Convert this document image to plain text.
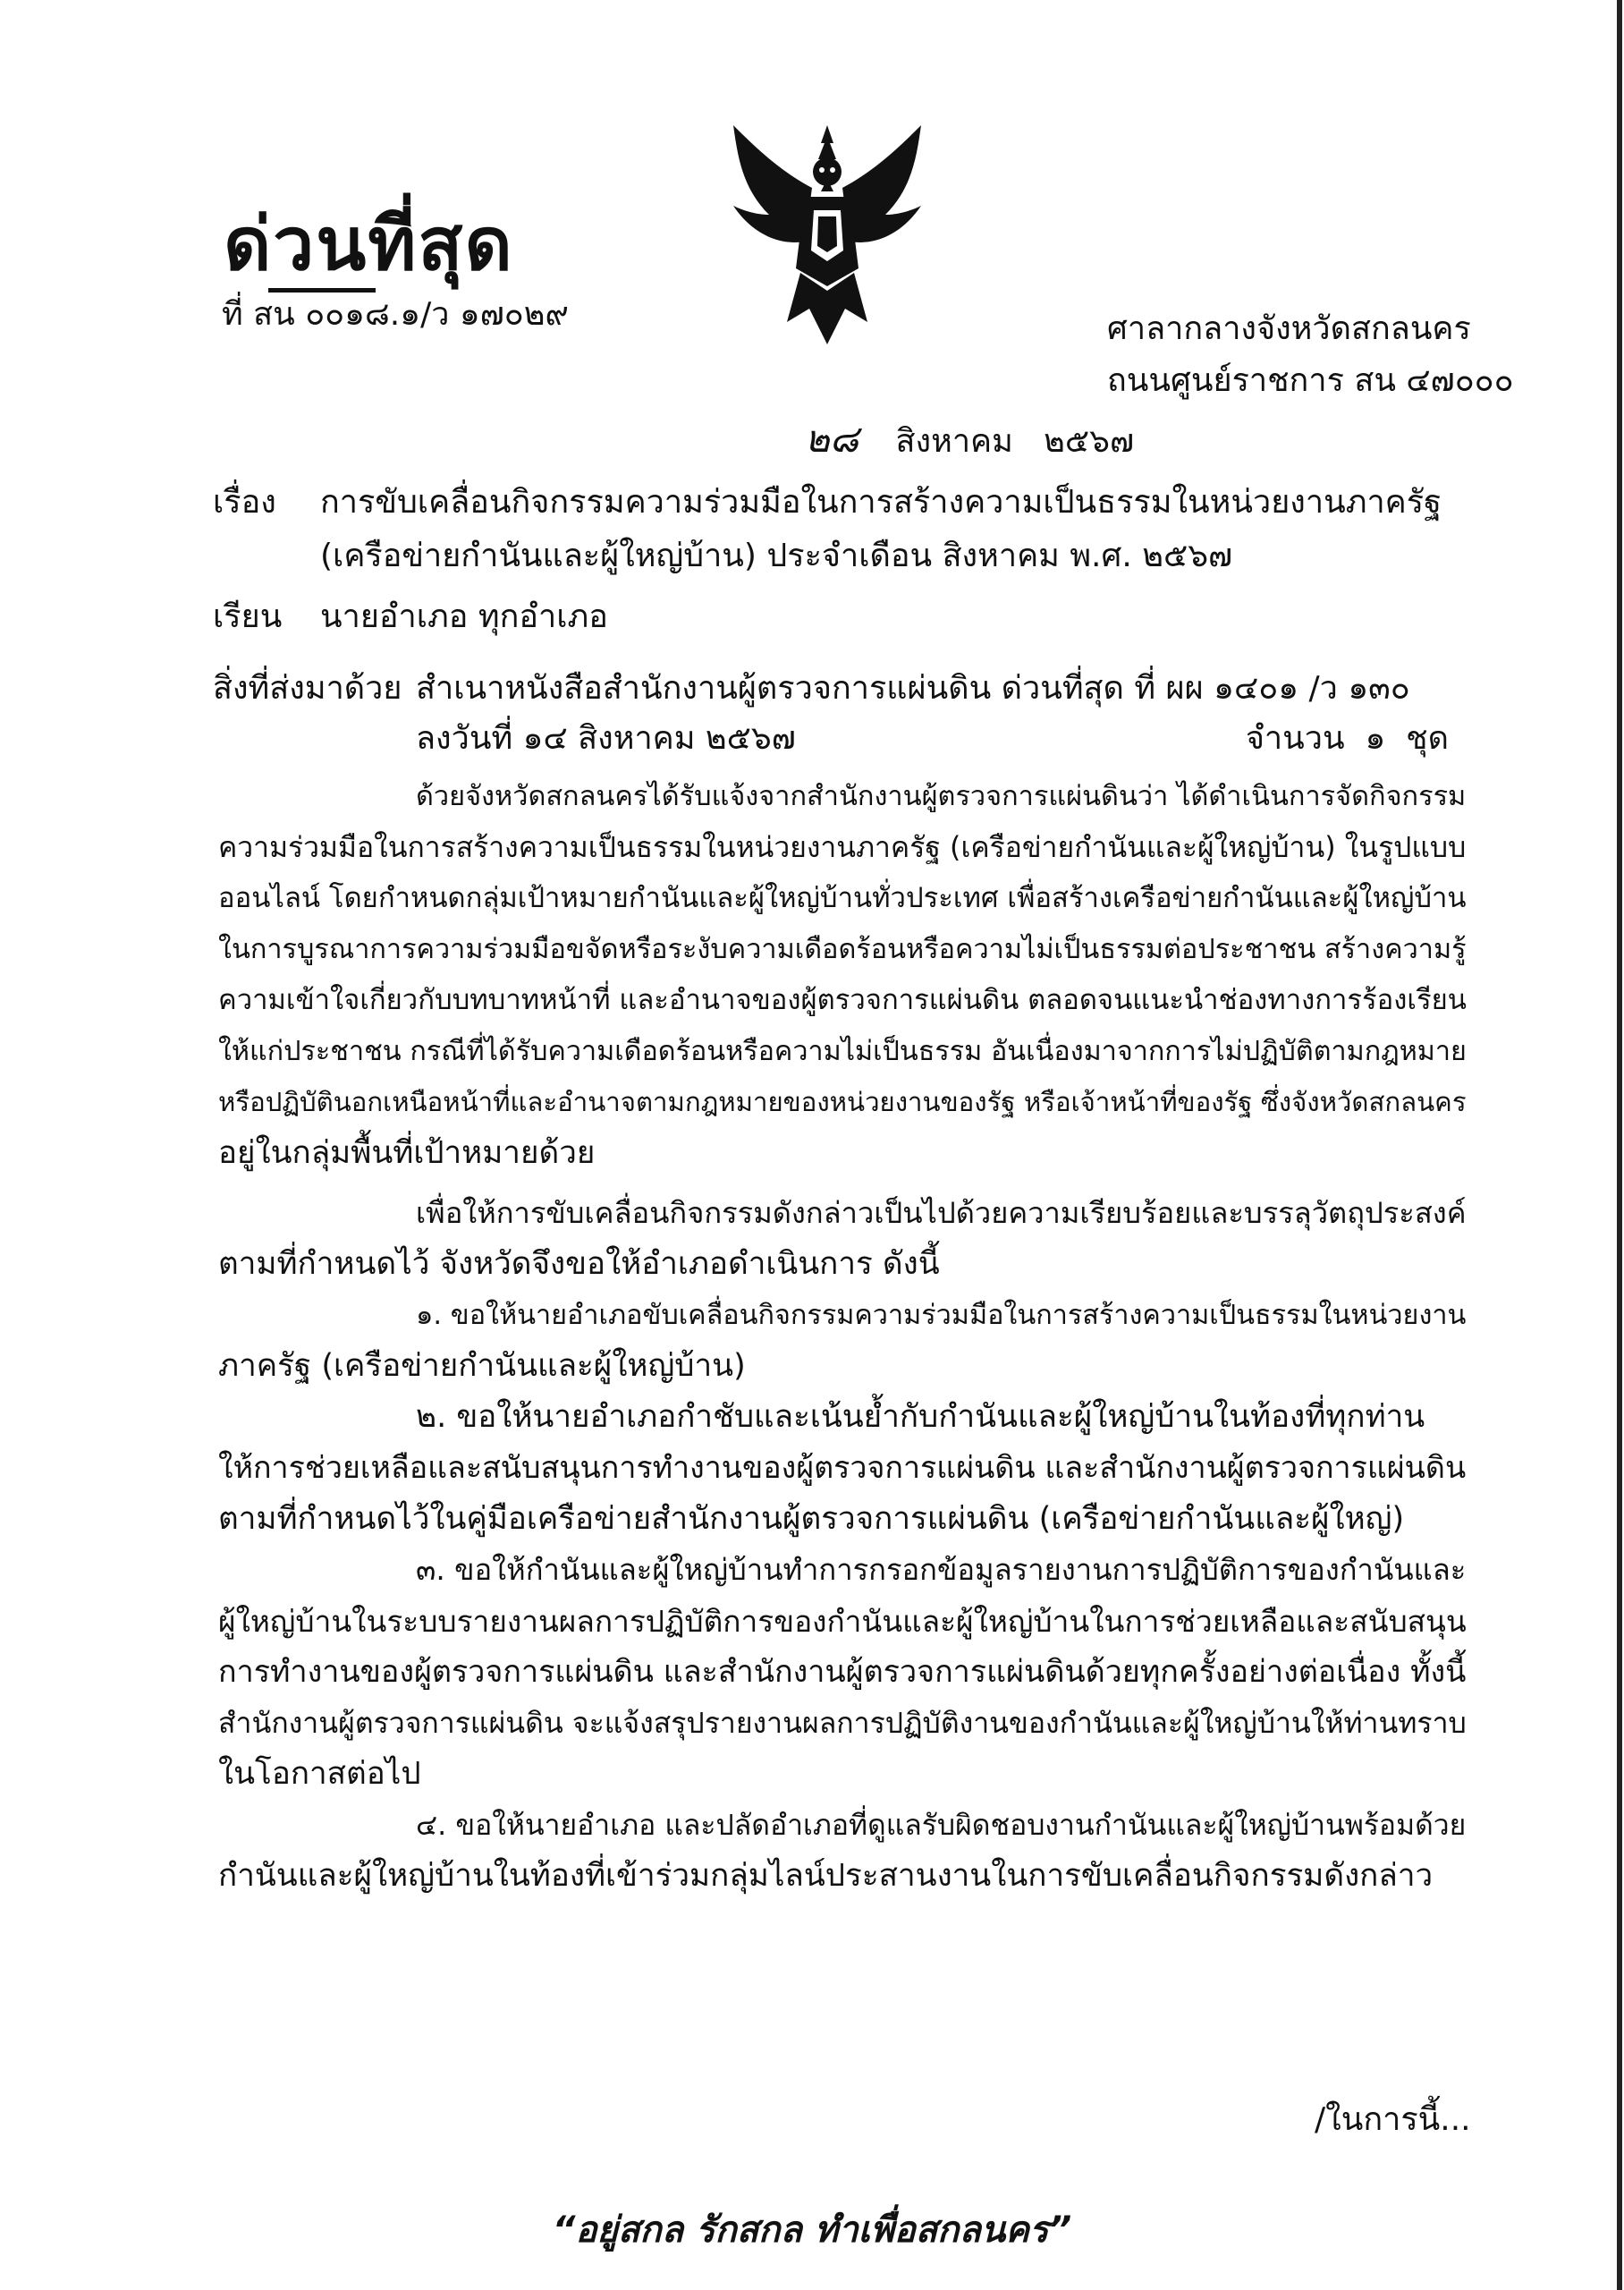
ด่วนที่สุด
ที่ สน ๐๐๑๘.๑/ว ๑๗๐๒๙	ศาลากลางจังหวัดสกลนคร
ถนนศูนย์ราชการ สน ๔๗๐๐๐
๒๘ สิงหาคม   ๒๕๖๗
เรื่อง การขับเคลื่อนกิจกรรมความร่วมมือในการสร้างความเป็นธรรมในหน่วยงานภาครัฐ
(เครือข่ายกำนันและผู้ใหญ่บ้าน) ประจำเดือน สิงหาคม พ.ศ. ๒๕๖๗
เรียน นายอำเภอ ทุกอำเภอ
สิ่งที่ส่งมาด้วย สำเนาหนังสือสำนักงานผู้ตรวจการแผ่นดิน ด่วนที่สุด ที่ ผผ ๑๔๐๑ /ว ๑๓๐
ลงวันที่ ๑๔ สิงหาคม ๒๕๖๗	จำนวน  ๑  ชุด
ด้วยจังหวัดสกลนครได้รับแจ้งจากสำนักงานผู้ตรวจการแผ่นดินว่า ได้ดำเนินการจัดกิจกรรม
ความร่วมมือในการสร้างความเป็นธรรมในหน่วยงานภาครัฐ (เครือข่ายกำนันและผู้ใหญ่บ้าน) ในรูปแบบ
ออนไลน์ โดยกำหนดกลุ่มเป้าหมายกำนันและผู้ใหญ่บ้านทั่วประเทศ เพื่อสร้างเครือข่ายกำนันและผู้ใหญ่บ้าน
ในการบูรณาการความร่วมมือขจัดหรือระงับความเดือดร้อนหรือความไม่เป็นธรรมต่อประชาชน สร้างความรู้
ความเข้าใจเกี่ยวกับบทบาทหน้าที่ และอำนาจของผู้ตรวจการแผ่นดิน ตลอดจนแนะนำช่องทางการร้องเรียน
ให้แก่ประชาชน กรณีที่ได้รับความเดือดร้อนหรือความไม่เป็นธรรม อันเนื่องมาจากการไม่ปฏิบัติตามกฎหมาย
หรือปฏิบัตินอกเหนือหน้าที่และอำนาจตามกฎหมายของหน่วยงานของรัฐ หรือเจ้าหน้าที่ของรัฐ ซึ่งจังหวัดสกลนคร
อยู่ในกลุ่มพื้นที่เป้าหมายด้วย
เพื่อให้การขับเคลื่อนกิจกรรมดังกล่าวเป็นไปด้วยความเรียบร้อยและบรรลุวัตถุประสงค์
ตามที่กำหนดไว้ จังหวัดจึงขอให้อำเภอดำเนินการ ดังนี้
๑. ขอให้นายอำเภอขับเคลื่อนกิจกรรมความร่วมมือในการสร้างความเป็นธรรมในหน่วยงาน
ภาครัฐ (เครือข่ายกำนันและผู้ใหญ่บ้าน)
๒. ขอให้นายอำเภอกำชับและเน้นย้ำกับกำนันและผู้ใหญ่บ้านในท้องที่ทุกท่าน
ให้การช่วยเหลือและสนับสนุนการทำงานของผู้ตรวจการแผ่นดิน และสำนักงานผู้ตรวจการแผ่นดิน
ตามที่กำหนดไว้ในคู่มือเครือข่ายสำนักงานผู้ตรวจการแผ่นดิน (เครือข่ายกำนันและผู้ใหญ่)
๓. ขอให้กำนันและผู้ใหญ่บ้านทำการกรอกข้อมูลรายงานการปฏิบัติการของกำนันและ
ผู้ใหญ่บ้านในระบบรายงานผลการปฏิบัติการของกำนันและผู้ใหญ่บ้านในการช่วยเหลือและสนับสนุน
การทำงานของผู้ตรวจการแผ่นดิน และสำนักงานผู้ตรวจการแผ่นดินด้วยทุกครั้งอย่างต่อเนื่อง ทั้งนี้
สำนักงานผู้ตรวจการแผ่นดิน จะแจ้งสรุปรายงานผลการปฏิบัติงานของกำนันและผู้ใหญ่บ้านให้ท่านทราบ
ในโอกาสต่อไป
๔. ขอให้นายอำเภอ และปลัดอำเภอที่ดูแลรับผิดชอบงานกำนันและผู้ใหญ่บ้านพร้อมด้วย
กำนันและผู้ใหญ่บ้านในท้องที่เข้าร่วมกลุ่มไลน์ประสานงานในการขับเคลื่อนกิจกรรมดังกล่าว
/ในการนี้...
“อยู่สกล รักสกล ทำเพื่อสกลนคร”
